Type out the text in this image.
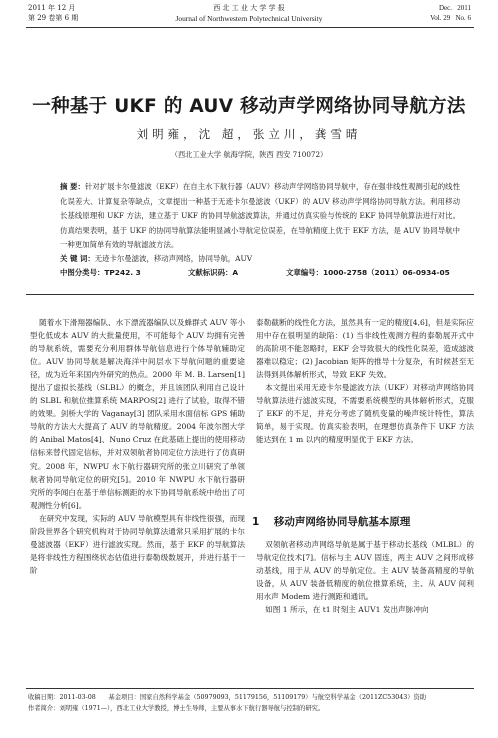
2011 年 12 月
第 29 卷第 6 期
西 北 工 业 大 学 学 报
Journal of Northwestern Polytechnical University
Dec.   2011
Vol. 29   No. 6
一种基于 UKF 的 AUV 移动声学网络协同导航方法
刘明雍，沈 超，张立川，龚雪晴
（西北工业大学 航海学院，陕西 西安 710072）
摘 要：针对扩展卡尔曼滤波（EKF）在自主水下航行器（AUV）移动声学网络协同导航中，存在强非线性观测引起的线性化误差大、计算复杂等缺点，文章提出一种基于无迹卡尔曼滤波（UKF）的 AUV 移动声学网络协同导航方法。利用移动长基线原理和 UKF 方法，建立基于 UKF 的协同导航滤波算法，并通过仿真实验与传统的 EKF 协同导航算法进行对比。仿真结果表明，基于 UKF 的协同导航算法能明显减小导航定位误差，在导航精度上优于 EKF 方法，是 AUV 协同导航中一种更加简单有效的导航滤波方法。
关 键 词：无迹卡尔曼滤波，移动声网络，协同导航，AUV
中图分类号：TP242. 3	文献标识码：A	文章编号：1000-2758（2011）06-0934-05

随着水下滑翔器编队、水下漂流器编队以及蜂群式 AUV 等小型化低成本 AUV 的大批量使用，不可能每个 AUV 均拥有完善的导航系统，需要充分利用群体导航信息进行个体导航辅助定位。AUV 协同导航是解决海洋中间层水下导航问题的重要途径，成为近年来国内外研究的热点。2000 年 M. B. Larsen[1] 提出了虚拟长基线（SLBL）的概念，并且该团队利用自己设计的 SLBL 和航位推算系统 MARPOS[2] 进行了试验，取得不错的效果。剑桥大学的 Vaganay[3] 团队采用水面信标 GPS 辅助导航的方法大大提高了 AUV 的导航精度。2004 年波尔图大学的 Anibal Matos[4]、Nuno Cruz 在此基础上提出的使用移动信标来替代固定信标，并对双领航者协同定位方法进行了仿真研究。2008 年，NWPU 水下航行器研究所的张立川研究了单领航者协同导航定位的研究[5]。2010 年 NWPU 水下航行器研究所的李闻白在基于单信标测距的水下协同导航系统中给出了可观测性分析[6]。

在研究中发现，实际的 AUV 导航模型具有非线性很强，而现阶段世界各个研究机构对于协同导航算法通常只采用扩展的卡尔曼滤波器（EKF）进行滤波实现。然而，基于 EKF 的导航算法是将非线性方程围绕状态估值进行泰勒级数展开，并进行基于一阶

泰勒截断的线性化方法，虽然具有一定的精度[4,6]，但是实际应用中存在很明显的缺陷：(1) 当非线性观测方程的泰勒展开式中的高阶项不能忽略时，EKF 会导致很大的线性化误差，造成滤波器难以稳定；(2) Jacobian 矩阵的推导十分复杂，有时候甚至无法得到具体解析形式，导致 EKF 失效。

本文提出采用无迹卡尔曼滤波方法（UKF）对移动声网络协同导航算法进行滤波实现，不需要系统模型的具体解析形式，克服了 EKF 的不足，并充分考虑了随机变量的噪声统计特性，算法简单，易于实现。仿真实验表明，在理想仿真条件下 UKF 方法能达到在 1 m 以内的精度明显优于 EKF 方法。

1    移动声网络协同导航基本原理

双领航者移动声网络导航是属于基于移动长基线（MLBL）的导航定位技术[7]。信标与主 AUV 固连，两主 AUV 之间形成移动基线，用于从 AUV 的导航定位。主 AUV 装备高精度的导航设备，从 AUV 装备低精度的航位推算系统，主、从 AUV 间利用水声 Modem 进行测距和通讯。

如图 1 所示，在 t1 时刻主 AUV1 发出声脉冲向

收稿日期：2011-03-08　　 基金项目：国家自然科学基金（50979093，51179156，51109179）与航空科学基金（2011ZC53043）资助
作者简介：刘明雍（1971—），西北工业大学教授，博士生导师，主要从事水下航行器导航与控制的研究。
